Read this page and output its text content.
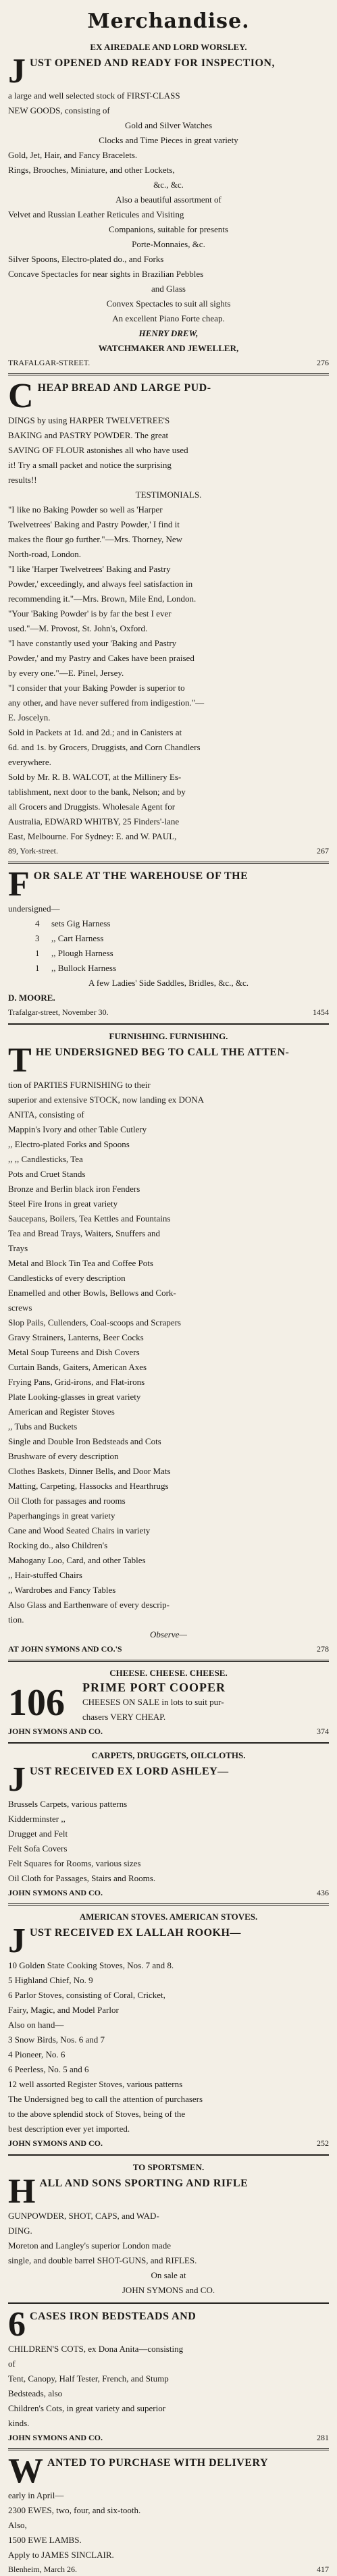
Merchandise.
EX AIREDALE AND LORD WORSLEY.
J UST OPENED AND READY FOR INSPECTION,
a large and well selected stock of FIRST-CLASS
NEW GOODS, consisting of
Gold and Silver Watches
Clocks and Time Pieces in great variety
Gold, Jet, Hair, and Fancy Bracelets.
Rings, Brooches, Miniature, and other Lockets,
&c., &c.
Also a beautiful assortment of
Velvet and Russian Leather Reticules and Visiting
Companions, suitable for presents
Porte-Monnaies, &c.
Silver Spoons, Electro-plated do., and Forks
Concave Spectacles for near sights in Brazilian Pebbles
and Glass
Convex Spectacles to suit all sights
An excellent Piano Forte cheap.
HENRY DREW,
WATCHMAKER AND JEWELLER,
TRAFALGAR-STREET.	276
C HEAP BREAD AND LARGE PUD-
DINGS by using HARPER TWELVETREE'S
BAKING and PASTRY POWDER. The great
SAVING OF FLOUR astonishes all who have used
it! Try a small packet and notice the surprising
results!!
TESTIMONIALS.
"I like no Baking Powder so well as 'Harper
Twelvetrees' Baking and Pastry Powder,' I find it
makes the flour go further."—Mrs. Thorney, New
North-road, London.
"I like 'Harper Twelvetrees' Baking and Pastry
Powder,' exceedingly, and always feel satisfaction in
recommending it."—Mrs. Brown, Mile End, London.
"Your 'Baking Powder' is by far the best I ever
used."—M. Provost, St. John's, Oxford.
"I have constantly used your 'Baking and Pastry
Powder,' and my Pastry and Cakes have been praised
by every one."—E. Pinel, Jersey.
"I consider that your Baking Powder is superior to
any other, and have never suffered from indigestion."—
E. Joscelyn.
Sold in Packets at 1d. and 2d.; and in Canisters at
6d. and 1s. by Grocers, Druggists, and Corn Chandlers
everywhere.
Sold by Mr. R. B. WALCOT, at the Millinery Es-
tablishment, next door to the bank, Nelson; and by
all Grocers and Druggists. Wholesale Agent for
Australia, EDWARD WHITBY, 25 Finders'-lane
East, Melbourne. For Sydney: E. and W. PAUL,
89, York-street.	267
F OR SALE AT THE WAREHOUSE OF THE
undersigned—
4	sets Gig Harness
3	,, Cart Harness
1	,, Plough Harness
1	,, Bullock Harness
A few Ladies' Side Saddles, Bridles, &c., &c.
D. MOORE.
Trafalgar-street, November 30.	1454
FURNISHING. FURNISHING.
T HE UNDERSIGNED BEG TO CALL THE ATTEN-
tion of PARTIES FURNISHING to their
superior and extensive STOCK, now landing ex DONA
ANITA, consisting of
Mappin's Ivory and other Table Cutlery
,, Electro-plated Forks and Spoons
,, ,, Candlesticks, Tea
Pots and Cruet Stands
Bronze and Berlin black iron Fenders
Steel Fire Irons in great variety
Saucepans, Boilers, Tea Kettles and Fountains
Tea and Bread Trays, Waiters, Snuffers and
Trays
Metal and Block Tin Tea and Coffee Pots
Candlesticks of every description
Enamelled and other Bowls, Bellows and Cork-
screws
Slop Pails, Cullenders, Coal-scoops and Scrapers
Gravy Strainers, Lanterns, Beer Cocks
Metal Soup Tureens and Dish Covers
Curtain Bands, Gaiters, American Axes
Frying Pans, Grid-irons, and Flat-irons
Plate Looking-glasses in great variety
American and Register Stoves
,, Tubs and Buckets
Single and Double Iron Bedsteads and Cots
Brushware of every description
Clothes Baskets, Dinner Bells, and Door Mats
Matting, Carpeting, Hassocks and Hearthrugs
Oil Cloth for passages and rooms
Paperhangings in great variety
Cane and Wood Seated Chairs in variety
Rocking do., also Children's
Mahogany Loo, Card, and other Tables
,, Hair-stuffed Chairs
,, Wardrobes and Fancy Tables
Also Glass and Earthenware of every descrip-
tion.
Observe—
AT JOHN SYMONS AND CO.'S	278
CHEESE. CHEESE. CHEESE.
106	PRIME PORT COOPER
CHEESES ON SALE in lots to suit pur-
chasers VERY CHEAP.
JOHN SYMONS AND CO.	374
CARPETS, DRUGGETS, OILCLOTHS.
J UST RECEIVED EX LORD ASHLEY—
Brussels Carpets, various patterns
Kidderminster ,,
Drugget and Felt
Felt Sofa Covers
Felt Squares for Rooms, various sizes
Oil Cloth for Passages, Stairs and Rooms.
JOHN SYMONS AND CO.	436
AMERICAN STOVES. AMERICAN STOVES.
J UST RECEIVED EX LALLAH ROOKH—
10 Golden State Cooking Stoves, Nos. 7 and 8.
5 Highland Chief, No. 9
6 Parlor Stoves, consisting of Coral, Cricket,
Fairy, Magic, and Model Parlor
Also on hand—
3 Snow Birds, Nos. 6 and 7
4 Pioneer, No. 6
6 Peerless, No. 5 and 6
12 well assorted Register Stoves, various patterns
The Undersigned beg to call the attention of purchasers
to the above splendid stock of Stoves, being of the
best description ever yet imported.
JOHN SYMONS AND CO.	252
TO SPORTSMEN.
H ALL AND SONS SPORTING AND RIFLE
GUNPOWDER, SHOT, CAPS, and WAD-
DING.
Moreton and Langley's superior London made
single, and double barrel SHOT-GUNS, and RIFLES.
On sale at
JOHN SYMONS and CO.
6 CASES IRON BEDSTEADS AND
CHILDREN'S COTS, ex Dona Anita—consisting
of
Tent, Canopy, Half Tester, French, and Stump
Bedsteads, also
Children's Cots, in great variety and superior
kinds.
JOHN SYMONS AND CO.	281
W ANTED TO PURCHASE WITH DELIVERY
early in April—
2300 EWES, two, four, and six-tooth.
Also,
1500 EWE LAMBS.
Apply to JAMES SINCLAIR.
Blenheim, March 26.	417
